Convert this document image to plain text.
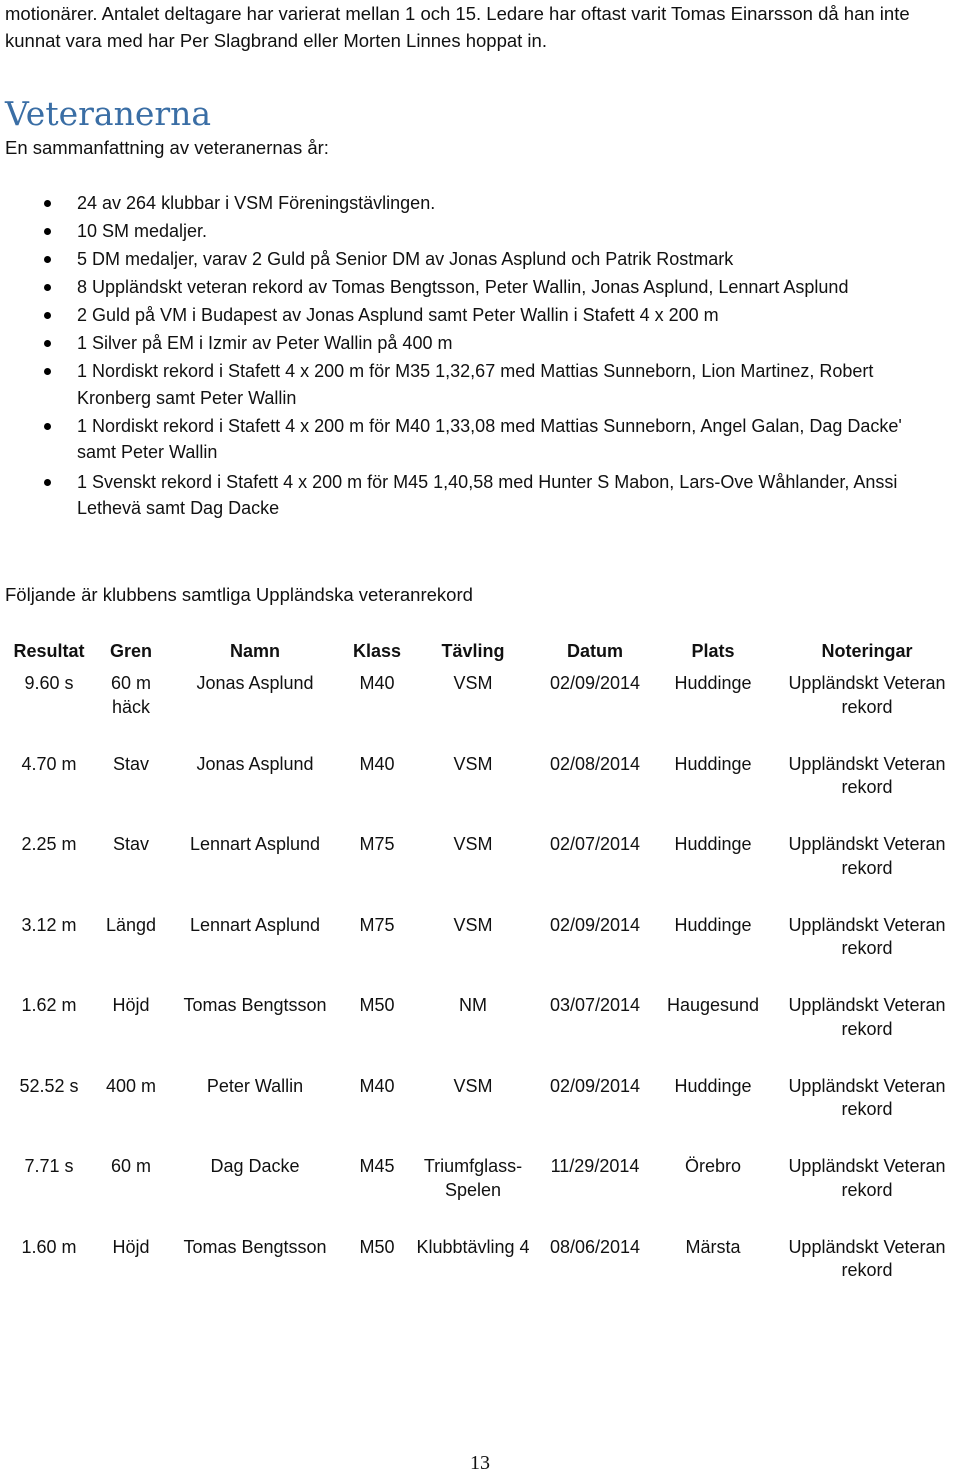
motionärer. Antalet deltagare har varierat mellan 1 och 15. Ledare har oftast varit Tomas Einarsson då han inte kunnat vara med har Per Slagbrand eller Morten Linnes hoppat in.

Veteranerna

En sammanfattning av veteranernas år:

24 av 264 klubbar i VSM Föreningstävlingen.
10 SM medaljer.
5 DM medaljer, varav 2 Guld på Senior DM av Jonas Asplund och Patrik Rostmark
8 Uppländskt veteran rekord av Tomas Bengtsson, Peter Wallin, Jonas Asplund, Lennart Asplund
2 Guld på VM i Budapest av Jonas Asplund samt Peter Wallin i Stafett 4 x 200 m
1 Silver på EM i Izmir av Peter Wallin på 400 m
1 Nordiskt rekord i Stafett 4 x 200 m för M35 1,32,67 med Mattias Sunneborn, Lion Martinez, Robert Kronberg samt Peter Wallin
1 Nordiskt rekord i Stafett 4 x 200 m för M40 1,33,08 med Mattias Sunneborn, Angel Galan, Dag Dacke' samt Peter Wallin
1 Svenskt rekord i Stafett 4 x 200 m för M45 1,40,58 med Hunter S Mabon, Lars-Ove Wåhlander, Anssi Lethevä samt Dag Dacke

Följande är klubbens samtliga Uppländska veteranrekord

Resultat	Gren	Namn	Klass	Tävling	Datum	Plats	Noteringar
9.60 s	60 m häck	Jonas Asplund	M40	VSM	02/09/2014	Huddinge	Uppländskt Veteran rekord
4.70 m	Stav	Jonas Asplund	M40	VSM	02/08/2014	Huddinge	Uppländskt Veteran rekord
2.25 m	Stav	Lennart Asplund	M75	VSM	02/07/2014	Huddinge	Uppländskt Veteran rekord
3.12 m	Längd	Lennart Asplund	M75	VSM	02/09/2014	Huddinge	Uppländskt Veteran rekord
1.62 m	Höjd	Tomas Bengtsson	M50	NM	03/07/2014	Haugesund	Uppländskt Veteran rekord
52.52 s	400 m	Peter Wallin	M40	VSM	02/09/2014	Huddinge	Uppländskt Veteran rekord
7.71 s	60 m	Dag Dacke	M45	Triumfglass-Spelen	11/29/2014	Örebro	Uppländskt Veteran rekord
1.60 m	Höjd	Tomas Bengtsson	M50	Klubbtävling 4	08/06/2014	Märsta	Uppländskt Veteran rekord
13
